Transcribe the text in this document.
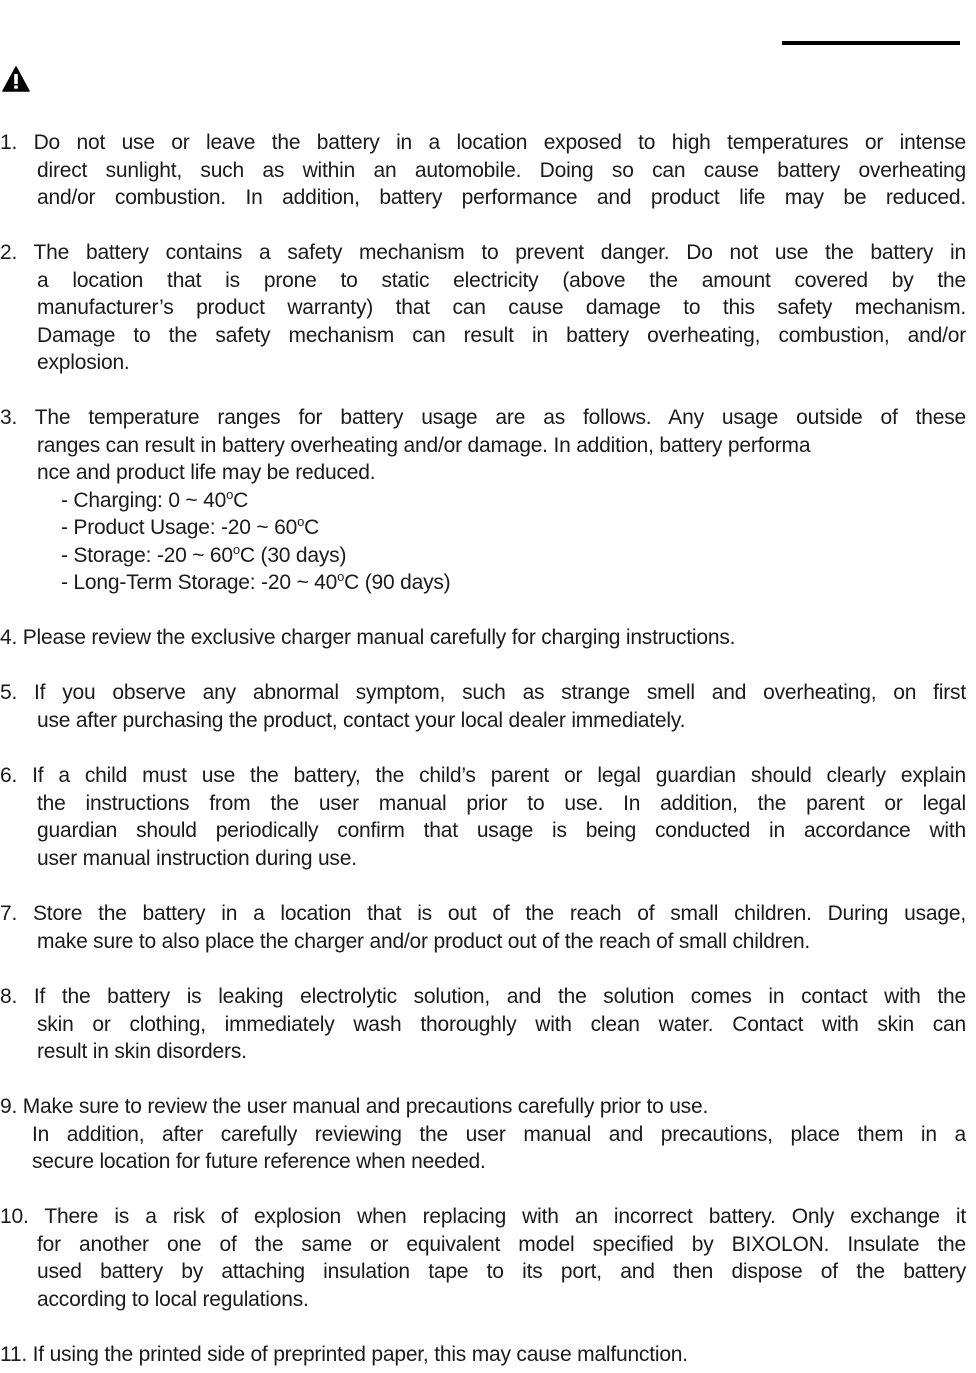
1. Do not use or leave the battery in a location exposed to high temperatures or intense
direct sunlight, such as within an automobile. Doing so can cause battery overheating
and/or combustion. In addition, battery performance and product life may be reduced.
2. The battery contains a safety mechanism to prevent danger. Do not use the battery in
a location that is prone to static electricity (above the amount covered by the
manufacturer’s product warranty) that can cause damage to this safety mechanism.
Damage to the safety mechanism can result in battery overheating, combustion, and/or
explosion.
3. The temperature ranges for battery usage are as follows. Any usage outside of these
ranges can result in battery overheating and/or damage. In addition, battery performa
nce and product life may be reduced.
- Charging: 0 ~ 40$^o$C
- Product Usage: -20 ~ 60$^o$C
- Storage: -20 ~ 60$^o$C (30 days)
- Long-Term Storage: -20 ~ 40$^o$C (90 days)
4. Please review the exclusive charger manual carefully for charging instructions.
5. If you observe any abnormal symptom, such as strange smell and overheating, on first
use after purchasing the product, contact your local dealer immediately.
6. If a child must use the battery, the child’s parent or legal guardian should clearly explain
the instructions from the user manual prior to use. In addition, the parent or legal
guardian should periodically confirm that usage is being conducted in accordance with
user manual instruction during use.
7. Store the battery in a location that is out of the reach of small children. During usage,
make sure to also place the charger and/or product out of the reach of small children.
8. If the battery is leaking electrolytic solution, and the solution comes in contact with the
skin or clothing, immediately wash thoroughly with clean water. Contact with skin can
result in skin disorders.
9. Make sure to review the user manual and precautions carefully prior to use.
In addition, after carefully reviewing the user manual and precautions, place them in a
secure location for future reference when needed.
10. There is a risk of explosion when replacing with an incorrect battery. Only exchange it
for another one of the same or equivalent model specified by BIXOLON. Insulate the
used battery by attaching insulation tape to its port, and then dispose of the battery
according to local regulations.
11. If using the printed side of preprinted paper, this may cause malfunction.
